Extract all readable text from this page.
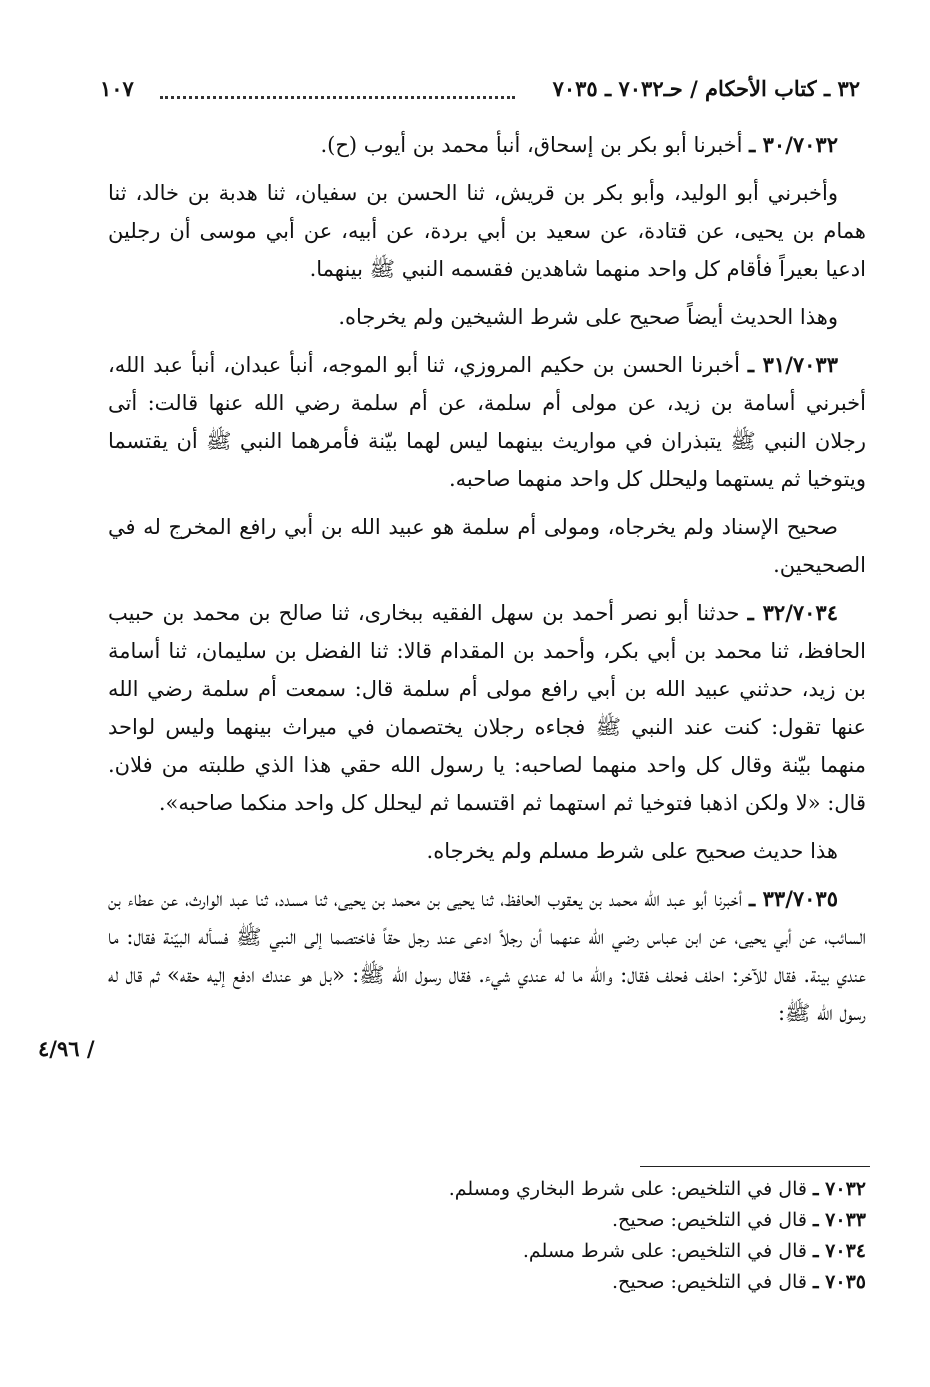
٣٢ ـ كتاب الأحكام / حـ٧٠٣٢ ـ ٧٠٣٥
١٠٧

٣٠/٧٠٣٢ ـ أخبرنا أبو بكر بن إسحاق، أنبأ محمد بن أيوب (ح).

وأخبرني أبو الوليد، وأبو بكر بن قريش، ثنا الحسن بن سفيان، ثنا هدبة بن خالد، ثنا همام بن يحيى، عن قتادة، عن سعيد بن أبي بردة، عن أبيه، عن أبي موسى أن رجلين ادعيا بعيراً فأقام كل واحد منهما شاهدين فقسمه النبي ﷺ بينهما.

وهذا الحديث أيضاً صحيح على شرط الشيخين ولم يخرجاه.

٣١/٧٠٣٣ ـ أخبرنا الحسن بن حكيم المروزي، ثنا أبو الموجه، أنبأ عبدان، أنبأ عبد الله، أخبرني أسامة بن زيد، عن مولى أم سلمة، عن أم سلمة رضي الله عنها قالت: أتى رجلان النبي ﷺ يتبذران في مواريث بينهما ليس لهما بيّنة فأمرهما النبي ﷺ أن يقتسما ويتوخيا ثم يستهما وليحلل كل واحد منهما صاحبه.

صحيح الإسناد ولم يخرجاه، ومولى أم سلمة هو عبيد الله بن أبي رافع المخرج له في الصحيحين.

٣٢/٧٠٣٤ ـ حدثنا أبو نصر أحمد بن سهل الفقيه ببخارى، ثنا صالح بن محمد بن حبيب الحافظ، ثنا محمد بن أبي بكر، وأحمد بن المقدام قالا: ثنا الفضل بن سليمان، ثنا أسامة بن زيد، حدثني عبيد الله بن أبي رافع مولى أم سلمة قال: سمعت أم سلمة رضي الله عنها تقول: كنت عند النبي ﷺ فجاءه رجلان يختصمان في ميراث بينهما وليس لواحد منهما بيّنة وقال كل واحد منهما لصاحبه: يا رسول الله حقي هذا الذي طلبته من فلان. قال: «لا ولكن اذهبا فتوخيا ثم استهما ثم اقتسما ثم ليحلل كل واحد منكما صاحبه».

هذا حديث صحيح على شرط مسلم ولم يخرجاه.

٣٣/٧٠٣٥ ـ أخبرنا أبو عبد الله محمد بن يعقوب الحافظ، ثنا يحيى بن محمد بن يحيى، ثنا مسدد، ثنا عبد الوارث، عن عطاء بن السائب، عن أبي يحيى، عن ابن عباس رضي الله عنهما أن رجلاً ادعى عند رجل حقاً فاختصما إلى النبي ﷺ فسأله البيّنة فقال: ما عندي بينة. فقال للآخر: احلف فحلف فقال: والله ما له عندي شيء. فقال رسول الله ﷺ: «بل هو عندك ادفع إليه حقه» ثم قال له رسول الله ﷺ:

٤/٩٦ /

٧٠٣٢ ـ قال في التلخيص: على شرط البخاري ومسلم.

٧٠٣٣ ـ قال في التلخيص: صحيح.

٧٠٣٤ ـ قال في التلخيص: على شرط مسلم.

٧٠٣٥ ـ قال في التلخيص: صحيح.
